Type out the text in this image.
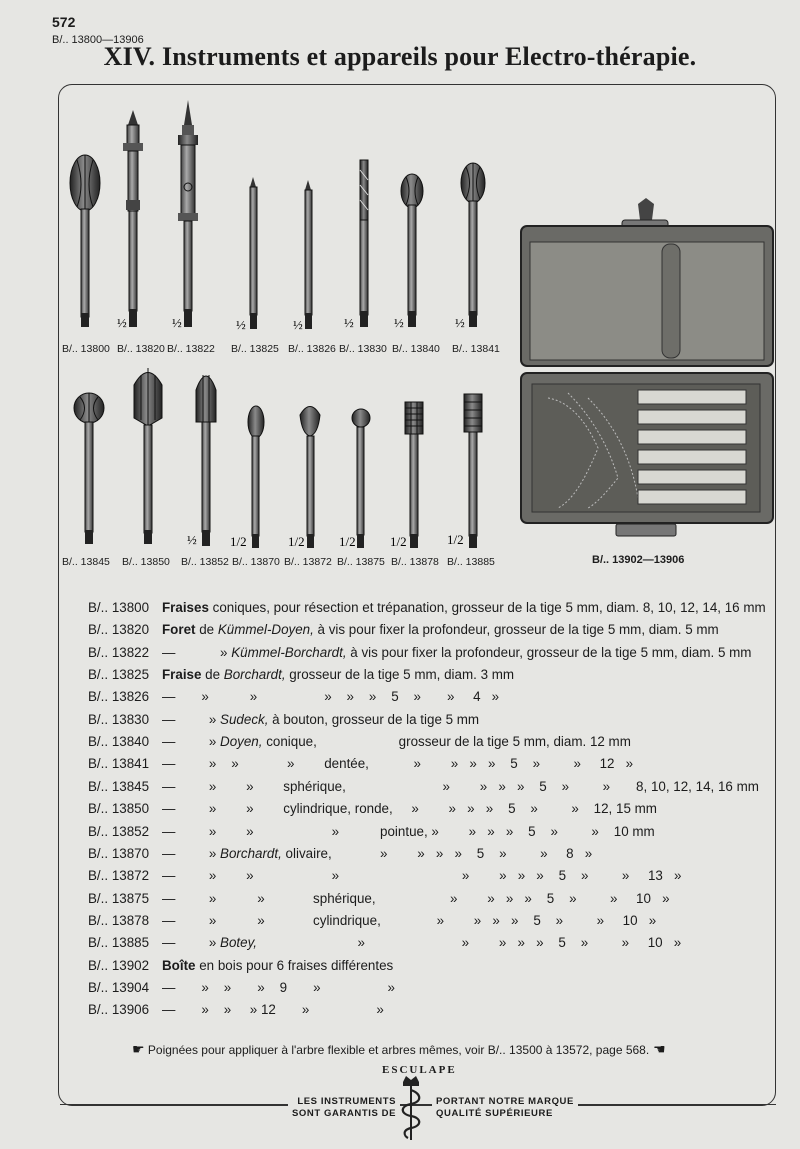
572
B/.. 13800—13906
XIV. Instruments et appareils pour Electro-thérapie.
½	½	½	½	½	½	½
B/.. 13800 B/.. 13820 B/.. 13822 B/.. 13825 B/.. 13826 B/.. 13830 B/.. 13840 B/.. 13841
½	1/2	1/2	1/2	1/2	1/2
B/.. 13845 B/.. 13850 B/.. 13852 B/.. 13870 B/.. 13872 B/.. 13875 B/.. 13878 B/.. 13885	B/.. 13902—13906
B/.. 13800 Fraises coniques, pour résection et trépanation, grosseur de la tige 5 mm, diam. 8, 10, 12, 14, 16 mm
B/.. 13820 Foret de Kümmel-Doyen, à vis pour fixer la profondeur, grosseur de la tige 5 mm, diam. 5 mm
B/.. 13822 —            » Kümmel-Borchardt, à vis pour fixer la profondeur, grosseur de la tige 5 mm, diam. 5 mm
B/.. 13825 Fraise de Borchardt, grosseur de la tige 5 mm, diam. 3 mm
B/.. 13826 —       »           »                  »    »    »    5    »       »     4   »
B/.. 13830 —         » Sudeck, à bouton, grosseur de la tige 5 mm
B/.. 13840 —         » Doyen, conique,                      grosseur de la tige 5 mm, diam. 12 mm
B/.. 13841 —         »    »             »        dentée,            »        »   »   »    5    »         »     12   »
B/.. 13845 —         »        »        sphérique,                          »        »   »   »    5    »         »       8, 10, 12, 14, 16 mm
B/.. 13850 —         »        »        cylindrique, ronde,     »        »   »   »    5    »         »    12, 15 mm
B/.. 13852 —         »        »                     »           pointue, »        »   »   »    5    »         »    10 mm
B/.. 13870 —         » Borchardt, olivaire,             »        »   »   »    5    »         »     8   »
B/.. 13872 —         »        »                     »                                 »        »   »   »    5    »         »     13   »
B/.. 13875 —         »           »             sphérique,                    »        »   »   »    5    »         »     10   »
B/.. 13878 —         »           »             cylindrique,               »        »   »   »    5    »         »     10   »
B/.. 13885 —         » Botey,                           »                          »        »   »   »    5    »         »     10   »
B/.. 13902 Boîte en bois pour 6 fraises différentes
B/.. 13904 —       »    »       »    9       »                  »
B/.. 13906 —       »    »     » 12       »                  »
☛ Poignées pour appliquer à l'arbre flexible et arbres mêmes, voir B/.. 13500 à 13572, page 568. ☛
ESCULAPE
LES INSTRUMENTS
SONT GARANTIS DE
PORTANT NOTRE MARQUE
QUALITÉ SUPÉRIEURE
